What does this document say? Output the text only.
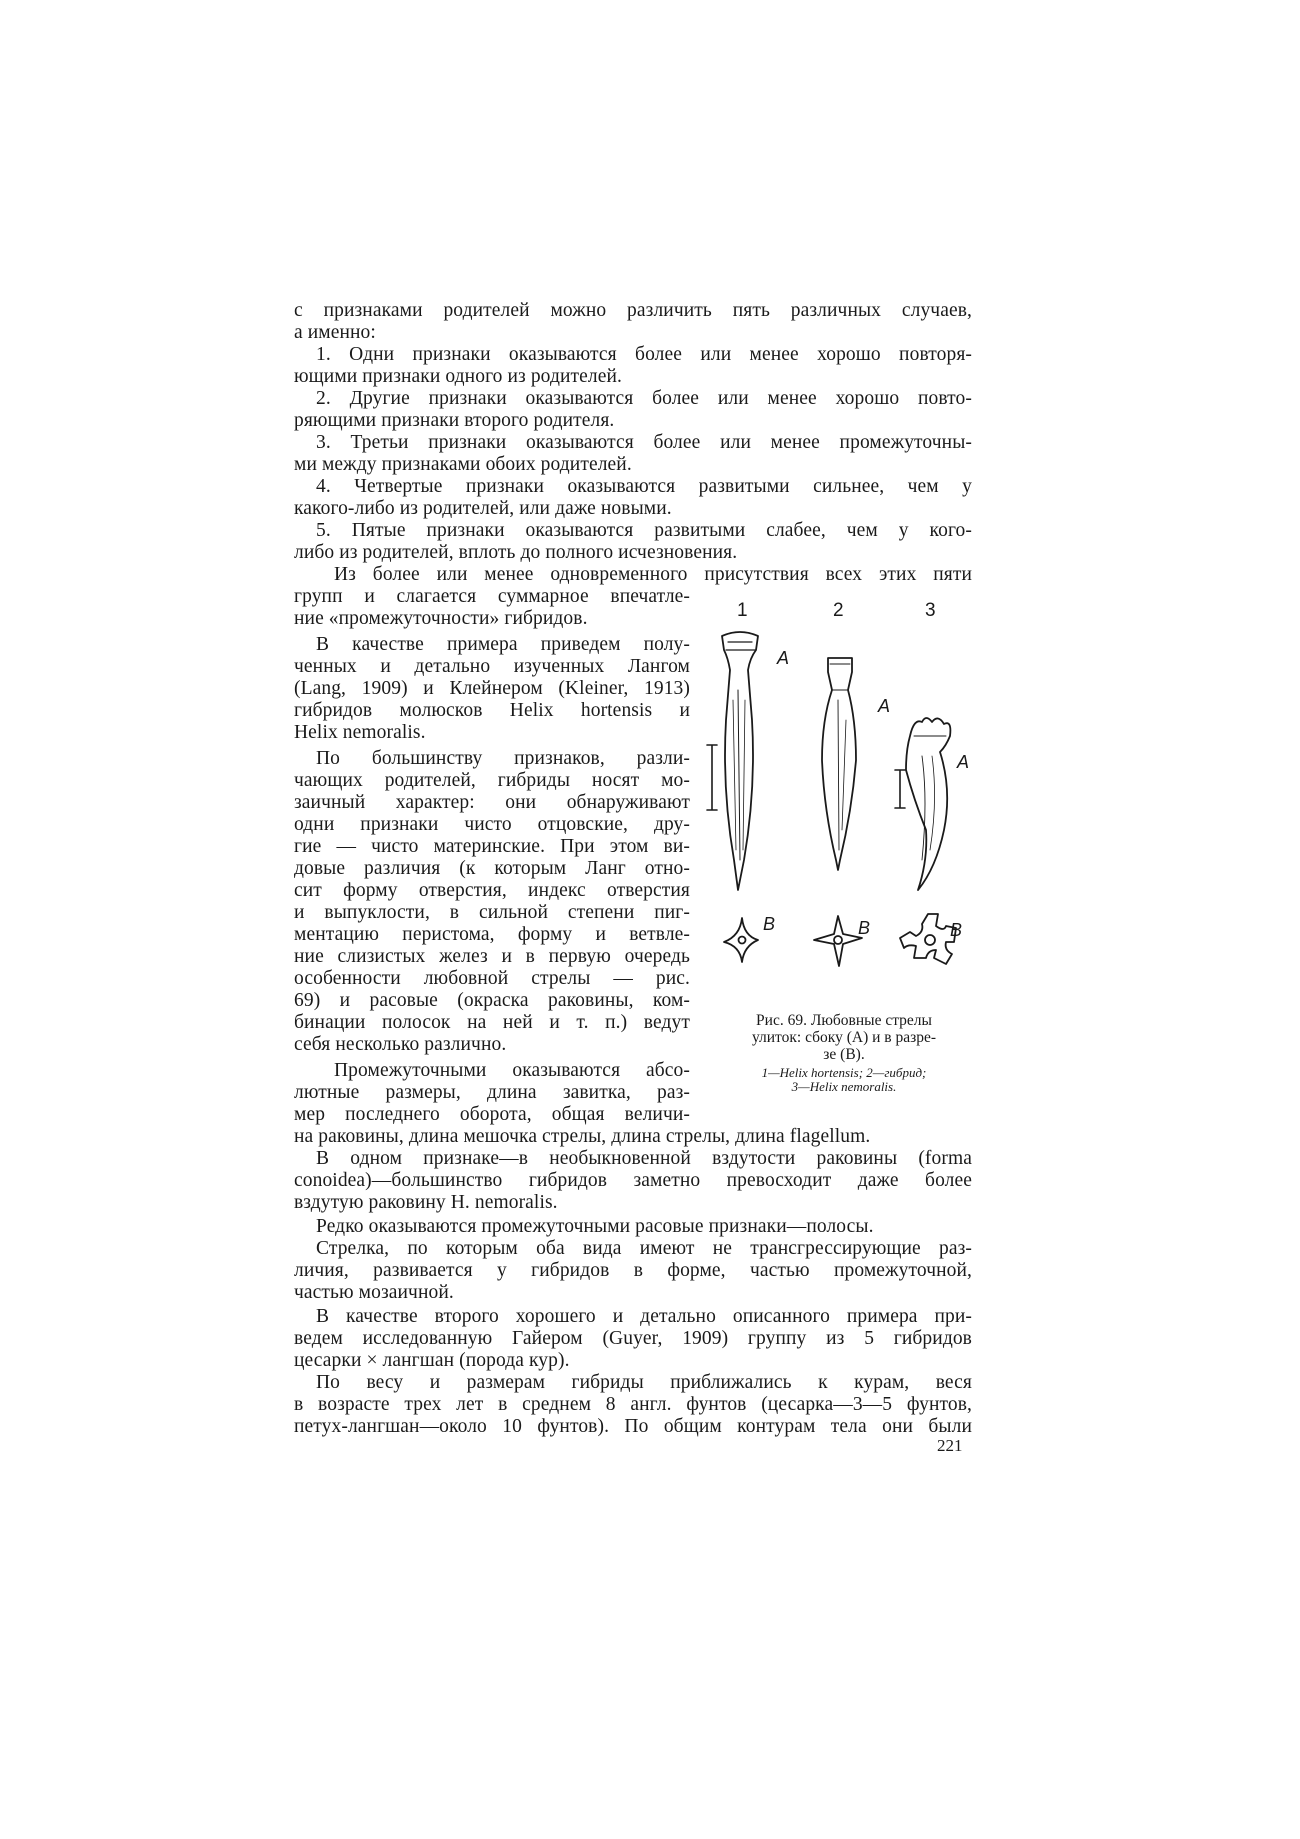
с признаками родителей можно различить пять различных случаев,
а именно:
1. Одни признаки оказываются более или менее хорошо повторя-
ющими признаки одного из родителей.
2. Другие признаки оказываются более или менее хорошо повто-
ряющими признаки второго родителя.
3. Третьи признаки оказываются более или менее промежуточны-
ми между признаками обоих родителей.
4. Четвертые признаки оказываются развитыми сильнее, чем у
какого-либо из родителей, или даже новыми.
5. Пятые признаки оказываются развитыми слабее, чем у кого-
либо из родителей, вплоть до полного исчезновения.
Из более или менее одновременного присутствия всех этих пяти
групп и слагается суммарное впечатле-
ние «промежуточности» гибридов.
В качестве примера приведем полу-
ченных и детально изученных Лангом
(Lang, 1909) и Клейнером (Kleiner, 1913)
гибридов молюсков Helix hortensis и
Helix nemoralis.
По большинству признаков, разли-
чающих родителей, гибриды носят мо-
заичный характер: они обнаруживают
одни признаки чисто отцовские, дру-
гие — чисто материнские. При этом ви-
довые различия (к которым Ланг отно-
сит форму отверстия, индекс отверстия
и выпуклости, в сильной степени пиг-
ментацию перистома, форму и ветвле-
ние слизистых желез и в первую очередь
особенности любовной стрелы — рис.
69) и расовые (окраска раковины, ком-
бинации полосок на ней и т. п.) ведут
себя несколько различно.
Промежуточными оказываются абсо-
лютные размеры, длина завитка, раз-
мер последнего оборота, общая величи-
на раковины, длина мешочка стрелы, длина стрелы, длина flagellum.
В одном признаке—в необыкновенной вздутости раковины (forma
conoidea)—большинство гибридов заметно превосходит даже более
вздутую раковину H. nemoralis.
Редко оказываются промежуточными расовые признаки—полосы.
Стрелка, по которым оба вида имеют не трансгрессирующие раз-
личия, развивается у гибридов в форме, частью промежуточной,
частью мозаичной.
В качестве второго хорошего и детально описанного примера при-
ведем исследованную Гайером (Guyer, 1909) группу из 5 гибридов
цесарки × лангшан (порода кур).
По весу и размерам гибриды приближались к курам, веся
в возрасте трех лет в среднем 8 англ. фунтов (цесарка—3—5 фунтов,
петух-лангшан—около 10 фунтов). По общим контурам тела они были
1	2	3
A
A
A
B	B	B
Рис. 69. Любовные стрелы
улиток: сбоку (A) и в разре-
зе (B).
1—Helix hortensis; 2—гибрид;
3—Helix nemoralis.
221
